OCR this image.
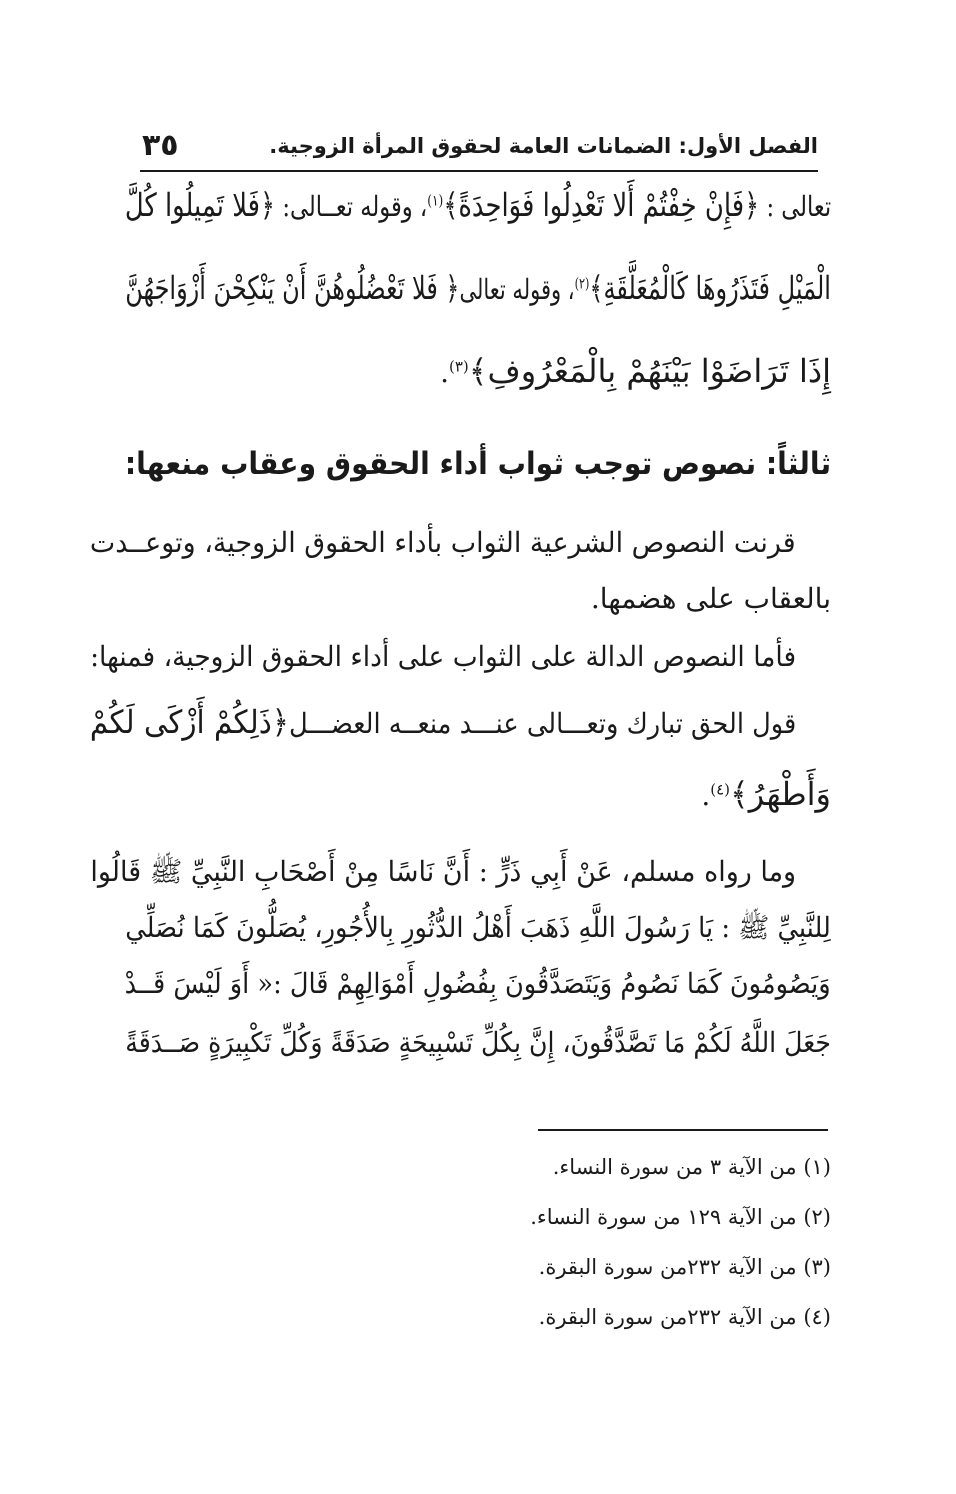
الفصل الأول: الضمانات العامة لحقوق المرأة الزوجية.
٣٥
تعالى : ﴿فَإِنْ خِفْتُمْ أَلا تَعْدِلُوا فَوَاحِدَةً﴾$^{(١)}$، وقوله تعــالى: ﴿فَلا تَمِيلُوا كُلَّ
الْمَيْلِ فَتَذَرُوهَا كَالْمُعَلَّقَةِ﴾$^{(٢)}$، وقوله تعالى﴿ فَلا تَعْضُلُوهُنَّ أَنْ يَنْكِحْنَ أَزْوَاجَهُنَّ
إِذَا تَرَاضَوْا بَيْنَهُمْ بِالْمَعْرُوفِ﴾$^{(٣)}$.
ثالثاً: نصوص توجب ثواب أداء الحقوق وعقاب منعها:
قرنت النصوص الشرعية الثواب بأداء الحقوق الزوجية، وتوعــدت
بالعقاب على هضمها.
فأما النصوص الدالة على الثواب على أداء الحقوق الزوجية، فمنها:
قول الحق تبارك وتعـــالى عنـــد منعــه العضـــل﴿ذَلِكُمْ أَزْكَى لَكُمْ
وَأَطْهَرُ﴾$^{(٤)}$.
وما رواه مسلم، عَنْ أَبِي ذَرٍّ : أَنَّ نَاسًا مِنْ أَصْحَابِ النَّبِيِّ ﷺ قَالُوا
لِلنَّبِيِّ ﷺ : يَا رَسُولَ اللَّهِ ذَهَبَ أَهْلُ الدُّثُورِ بِالأُجُورِ، يُصَلُّونَ كَمَا نُصَلِّي
وَيَصُومُونَ كَمَا نَصُومُ وَيَتَصَدَّقُونَ بِفُضُولِ أَمْوَالِهِمْ قَالَ :« أَوَ لَيْسَ قَــدْ
جَعَلَ اللَّهُ لَكُمْ مَا تَصَّدَّقُونَ، إِنَّ بِكُلِّ تَسْبِيحَةٍ صَدَقَةً وَكُلِّ تَكْبِيرَةٍ صَــدَقَةً
(١) من الآية ٣ من سورة النساء.
(٢) من الآية ١٢٩ من سورة النساء.
(٣) من الآية ٢٣٢من سورة البقرة.
(٤) من الآية ٢٣٢من سورة البقرة.
